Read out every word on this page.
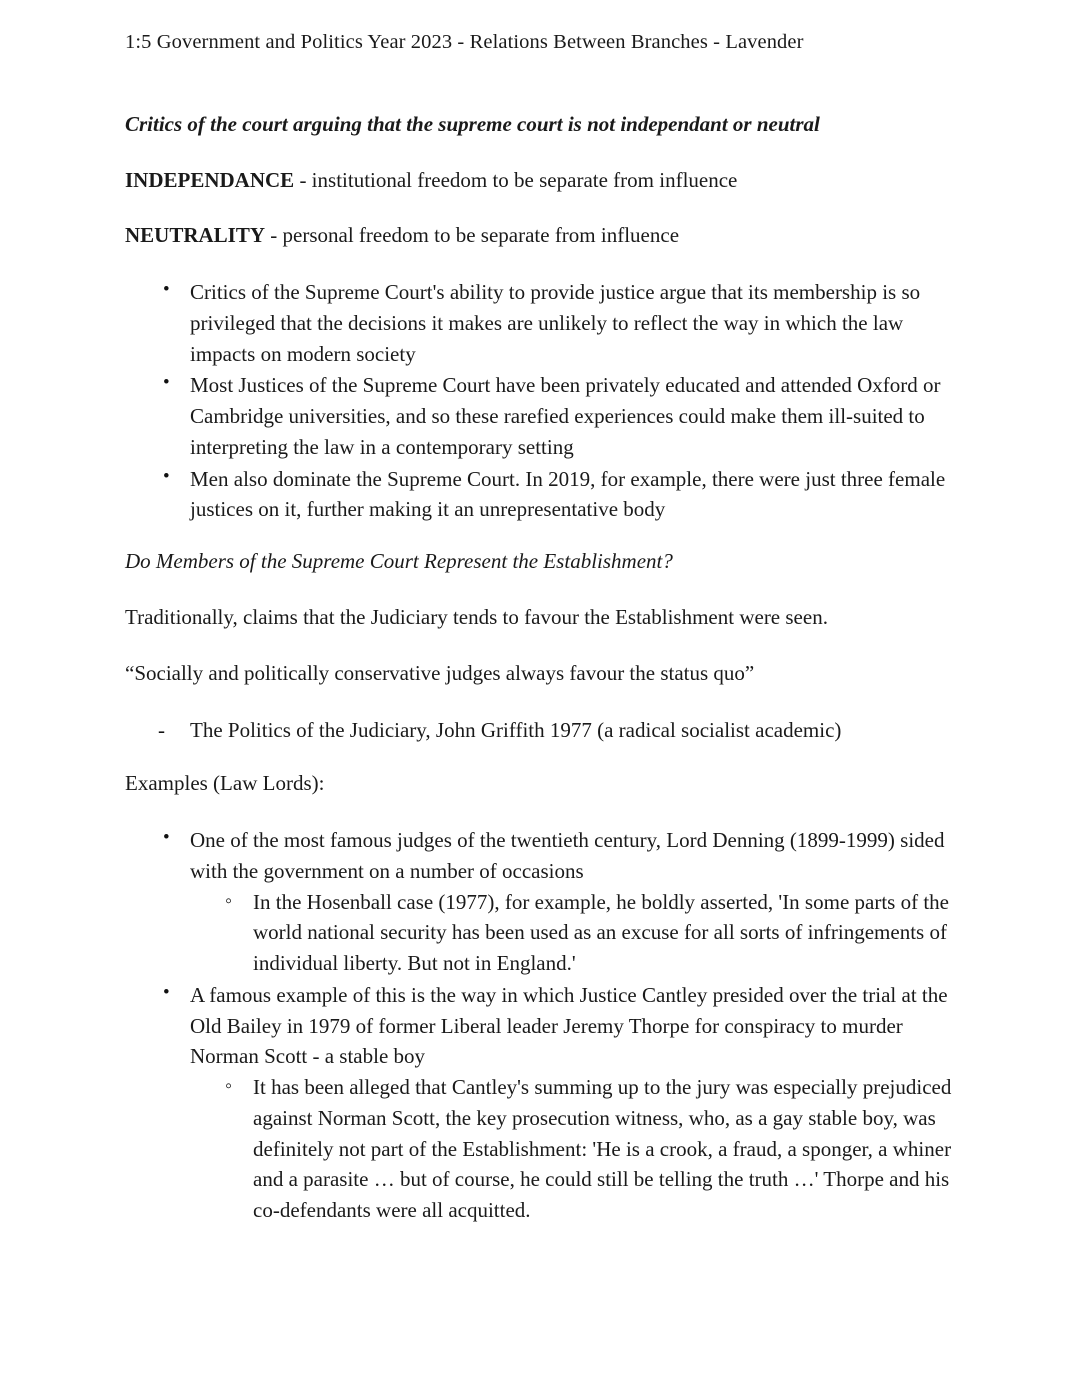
1:5 Government and Politics Year 2023 - Relations Between Branches - Lavender

Critics of the court arguing that the supreme court is not independant or neutral

INDEPENDANCE - institutional freedom to be separate from influence

NEUTRALITY - personal freedom to be separate from influence

• Critics of the Supreme Court's ability to provide justice argue that its membership is so privileged that the decisions it makes are unlikely to reflect the way in which the law impacts on modern society
• Most Justices of the Supreme Court have been privately educated and attended Oxford or Cambridge universities, and so these rarefied experiences could make them ill-suited to interpreting the law in a contemporary setting
• Men also dominate the Supreme Court. In 2019, for example, there were just three female justices on it, further making it an unrepresentative body

Do Members of the Supreme Court Represent the Establishment?

Traditionally, claims that the Judiciary tends to favour the Establishment were seen.

“Socially and politically conservative judges always favour the status quo”

- The Politics of the Judiciary, John Griffith 1977 (a radical socialist academic)

Examples (Law Lords):

• One of the most famous judges of the twentieth century, Lord Denning (1899-1999) sided with the government on a number of occasions
◦ In the Hosenball case (1977), for example, he boldly asserted, 'In some parts of the world national security has been used as an excuse for all sorts of infringements of individual liberty. But not in England.'
• A famous example of this is the way in which Justice Cantley presided over the trial at the Old Bailey in 1979 of former Liberal leader Jeremy Thorpe for conspiracy to murder Norman Scott - a stable boy
◦ It has been alleged that Cantley's summing up to the jury was especially prejudiced against Norman Scott, the key prosecution witness, who, as a gay stable boy, was definitely not part of the Establishment: 'He is a crook, a fraud, a sponger, a whiner and a parasite … but of course, he could still be telling the truth …' Thorpe and his co-defendants were all acquitted.
